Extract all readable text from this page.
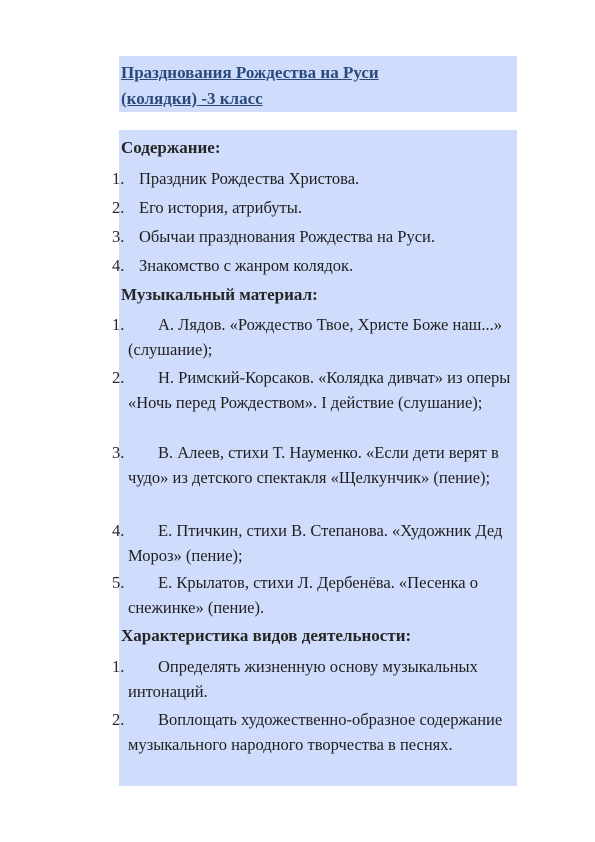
Празднования Рождества на Руси
(колядки) -3 класс

Содержание:

1. Праздник Рождества Христова.
2. Его история, атрибуты.
3. Обычаи празднования Рождества на Руси.
4. Знакомство с жанром колядок.

Музыкальный материал:

1.	А. Лядов. «Рождество Твое, Христе Боже наш...» (слушание);
2.	Н. Римский-Корсаков. «Колядка дивчат» из оперы «Ночь перед Рождеством». I действие (слушание);
3.	В. Алеев, стихи Т. Науменко. «Если дети верят в чудо» из детского спектакля «Щелкунчик» (пение);
4.	Е. Птичкин, стихи В. Степанова. «Художник Дед Мороз» (пение);
5.	Е. Крылатов, стихи Л. Дербенёва. «Песенка о снежинке» (пение).

Характеристика видов деятельности:

1.	Определять жизненную основу музыкальных интонаций.
2.	Воплощать художественно-образное содержание музыкального народного творчества в песнях.
